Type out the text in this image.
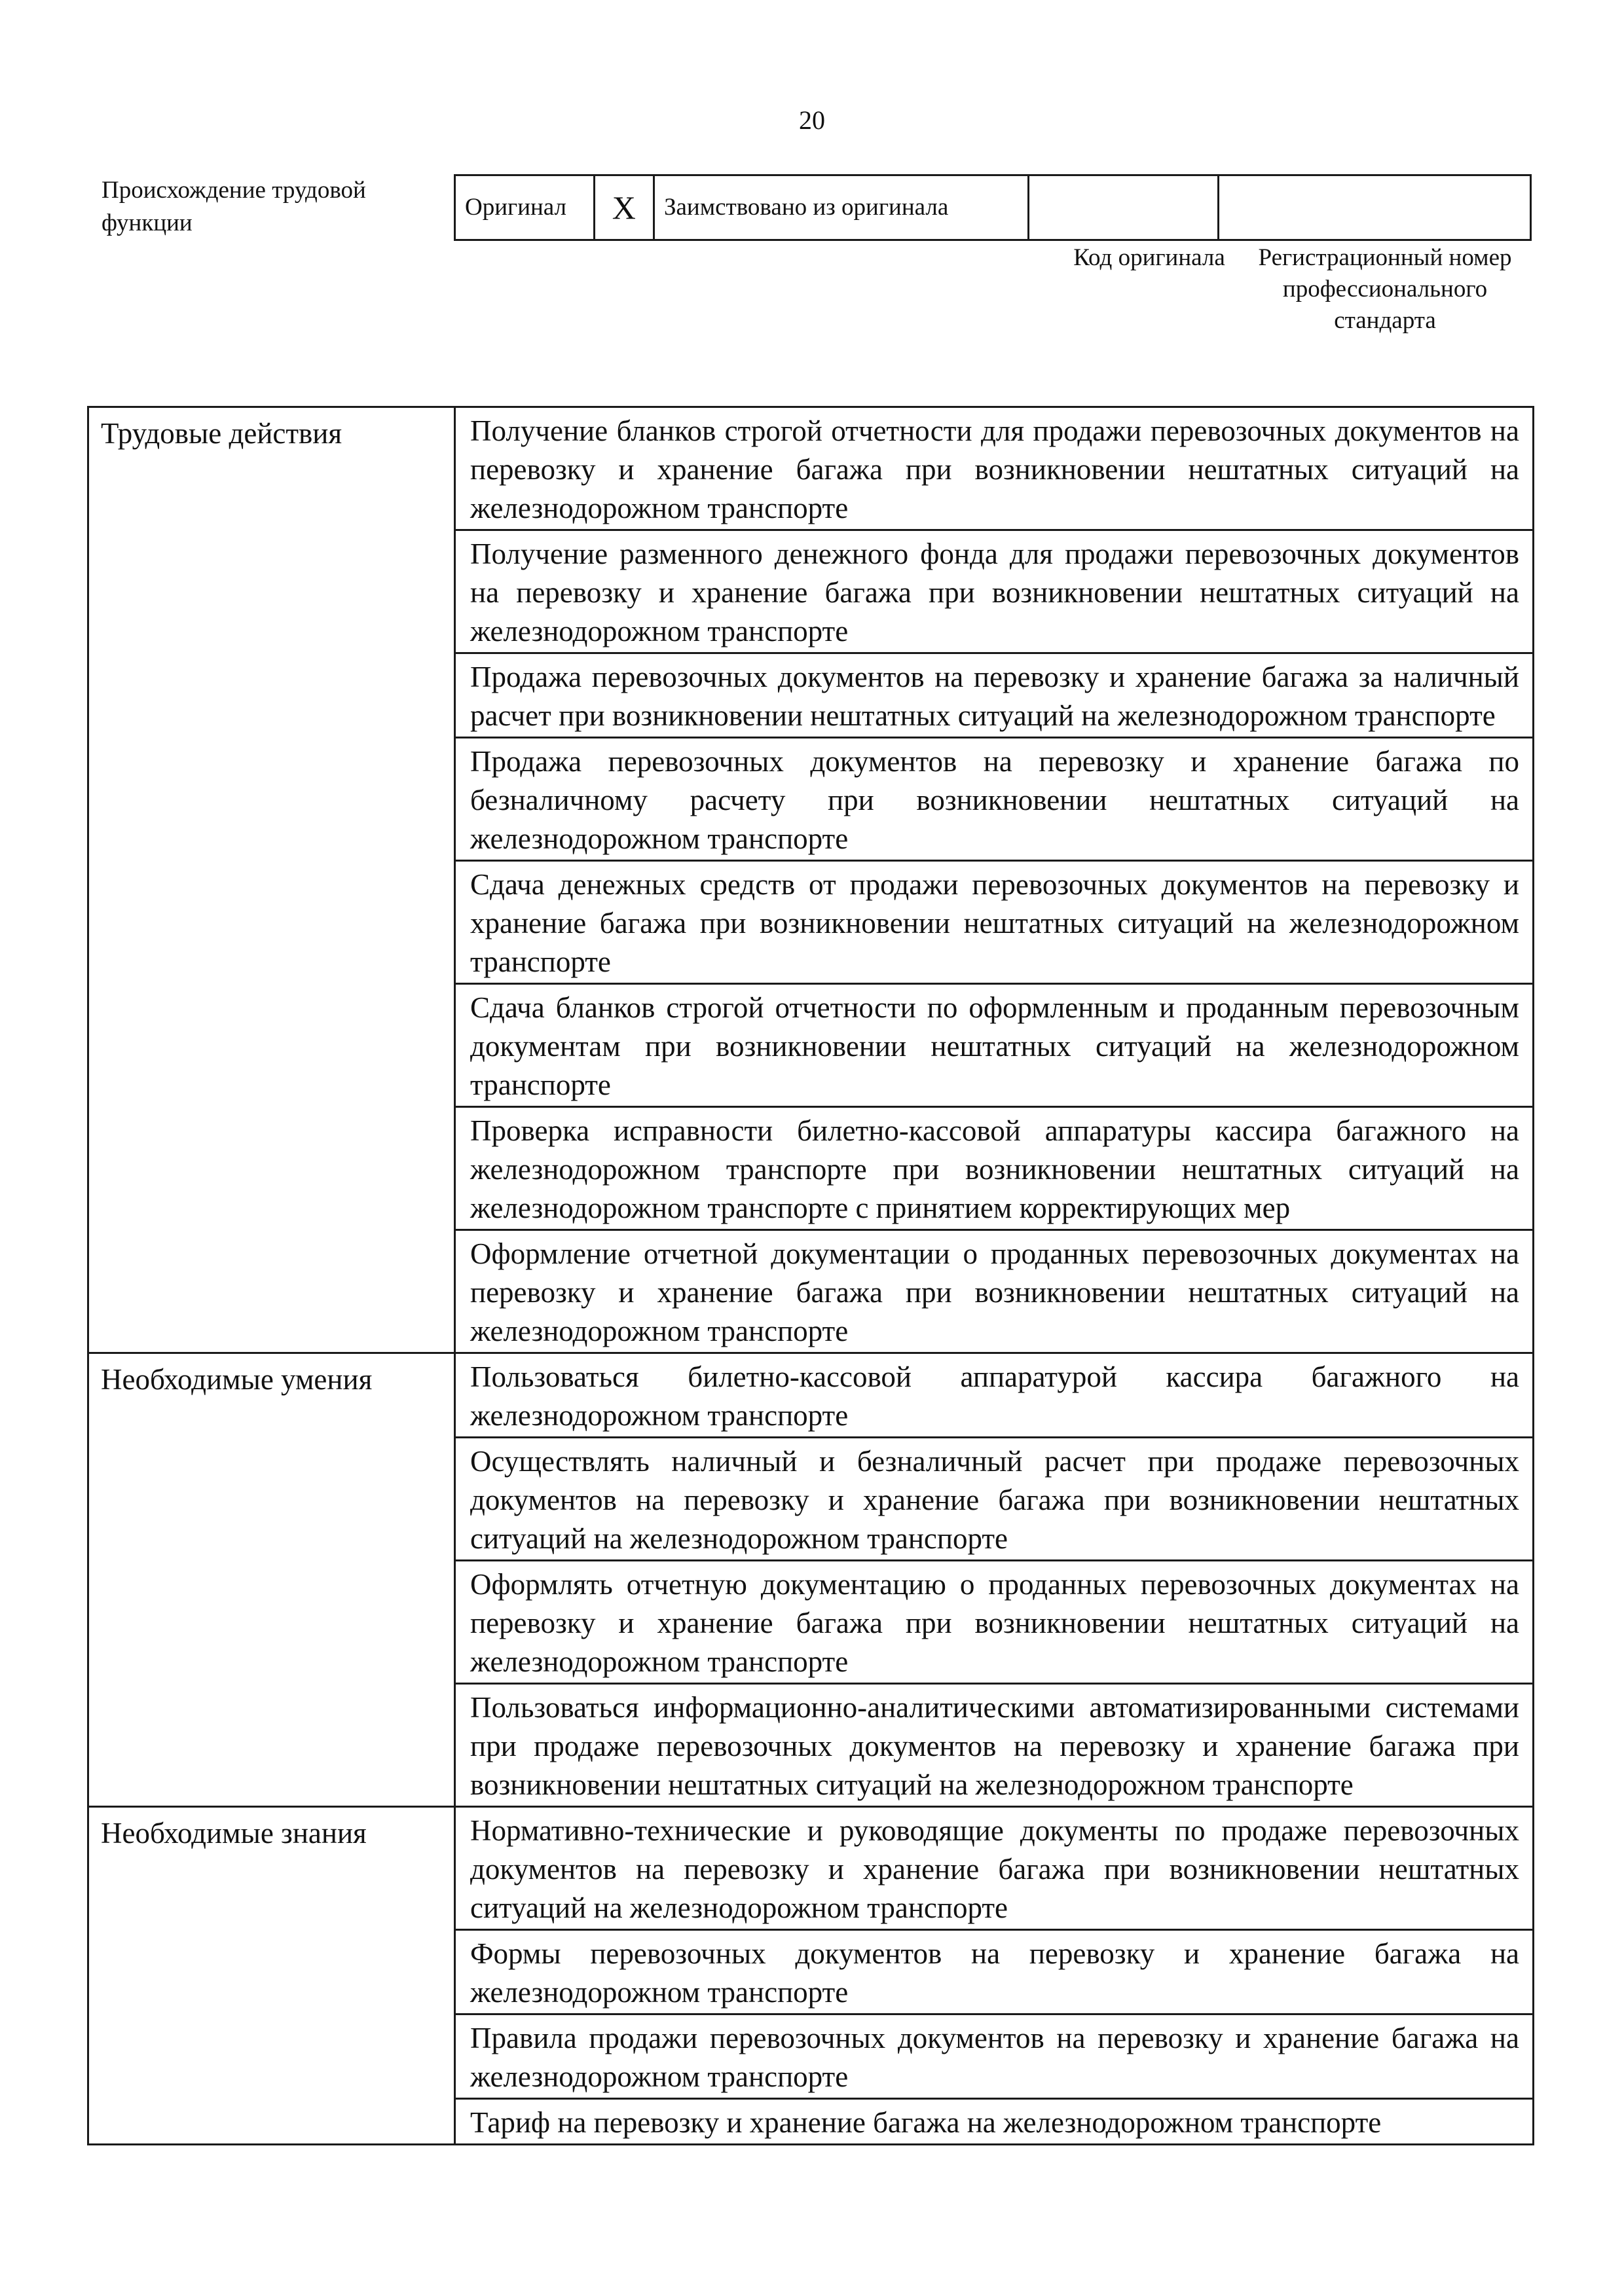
20
Происхождение трудовой функции
Оригинал	X	Заимствовано из оригинала		
Код оригинала	Регистрационный номер профессионального стандарта
Трудовые действия	Получение бланков строгой отчетности для продажи перевозочных документов на перевозку и хранение багажа при возникновении нештатных ситуаций на железнодорожном транспорте
	Получение разменного денежного фонда для продажи перевозочных документов на перевозку и хранение багажа при возникновении нештатных ситуаций на железнодорожном транспорте
	Продажа перевозочных документов на перевозку и хранение багажа за наличный расчет при возникновении нештатных ситуаций на железнодорожном транспорте
	Продажа перевозочных документов на перевозку и хранение багажа по безналичному расчету при возникновении нештатных ситуаций на железнодорожном транспорте
	Сдача денежных средств от продажи перевозочных документов на перевозку и хранение багажа при возникновении нештатных ситуаций на железнодорожном транспорте
	Сдача бланков строгой отчетности по оформленным и проданным перевозочным документам при возникновении нештатных ситуаций на железнодорожном транспорте
	Проверка исправности билетно-кассовой аппаратуры кассира багажного на железнодорожном транспорте при возникновении нештатных ситуаций на железнодорожном транспорте с принятием корректирующих мер
	Оформление отчетной документации о проданных перевозочных документах на перевозку и хранение багажа при возникновении нештатных ситуаций на железнодорожном транспорте
Необходимые умения	Пользоваться билетно-кассовой аппаратурой кассира багажного на железнодорожном транспорте
	Осуществлять наличный и безналичный расчет при продаже перевозочных документов на перевозку и хранение багажа при возникновении нештатных ситуаций на железнодорожном транспорте
	Оформлять отчетную документацию о проданных перевозочных документах на перевозку и хранение багажа при возникновении нештатных ситуаций на железнодорожном транспорте
	Пользоваться информационно-аналитическими автоматизированными системами при продаже перевозочных документов на перевозку и хранение багажа при возникновении нештатных ситуаций на железнодорожном транспорте
Необходимые знания	Нормативно-технические и руководящие документы по продаже перевозочных документов на перевозку и хранение багажа при возникновении нештатных ситуаций на железнодорожном транспорте
	Формы перевозочных документов на перевозку и хранение багажа на железнодорожном транспорте
	Правила продажи перевозочных документов на перевозку и хранение багажа на железнодорожном транспорте
	Тариф на перевозку и хранение багажа на железнодорожном транспорте
